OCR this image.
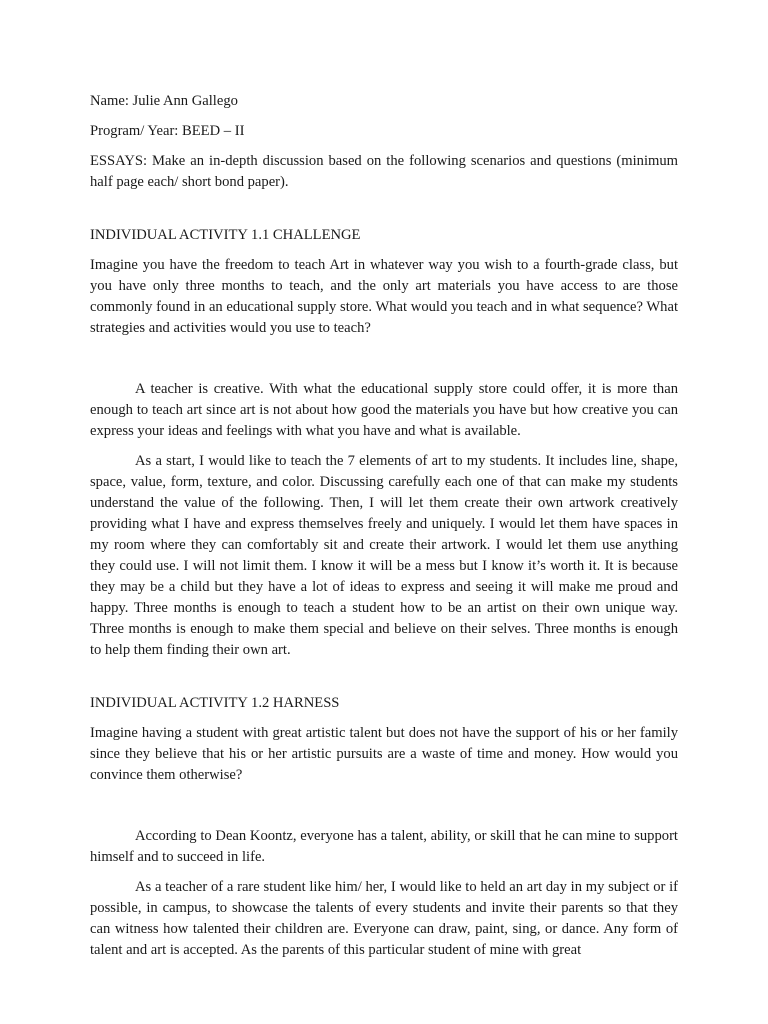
Name: Julie Ann Gallego

Program/ Year: BEED – II

ESSAYS: Make an in-depth discussion based on the following scenarios and questions (minimum half page each/ short bond paper).

INDIVIDUAL ACTIVITY 1.1 CHALLENGE

Imagine you have the freedom to teach Art in whatever way you wish to a fourth-grade class, but you have only three months to teach, and the only art materials you have access to are those commonly found in an educational supply store. What would you teach and in what sequence? What strategies and activities would you use to teach?

A teacher is creative. With what the educational supply store could offer, it is more than enough to teach art since art is not about how good the materials you have but how creative you can express your ideas and feelings with what you have and what is available.

As a start, I would like to teach the 7 elements of art to my students. It includes line, shape, space, value, form, texture, and color. Discussing carefully each one of that can make my students understand the value of the following. Then, I will let them create their own artwork creatively providing what I have and express themselves freely and uniquely. I would let them have spaces in my room where they can comfortably sit and create their artwork. I would let them use anything they could use. I will not limit them. I know it will be a mess but I know it’s worth it. It is because they may be a child but they have a lot of ideas to express and seeing it will make me proud and happy. Three months is enough to teach a student how to be an artist on their own unique way. Three months is enough to make them special and believe on their selves. Three months is enough to help them finding their own art.

INDIVIDUAL ACTIVITY 1.2 HARNESS

Imagine having a student with great artistic talent but does not have the support of his or her family since they believe that his or her artistic pursuits are a waste of time and money. How would you convince them otherwise?

According to Dean Koontz, everyone has a talent, ability, or skill that he can mine to support himself and to succeed in life.

As a teacher of a rare student like him/ her, I would like to held an art day in my subject or if possible, in campus, to showcase the talents of every students and invite their parents so that they can witness how talented their children are. Everyone can draw, paint, sing, or dance. Any form of talent and art is accepted. As the parents of this particular student of mine with great
